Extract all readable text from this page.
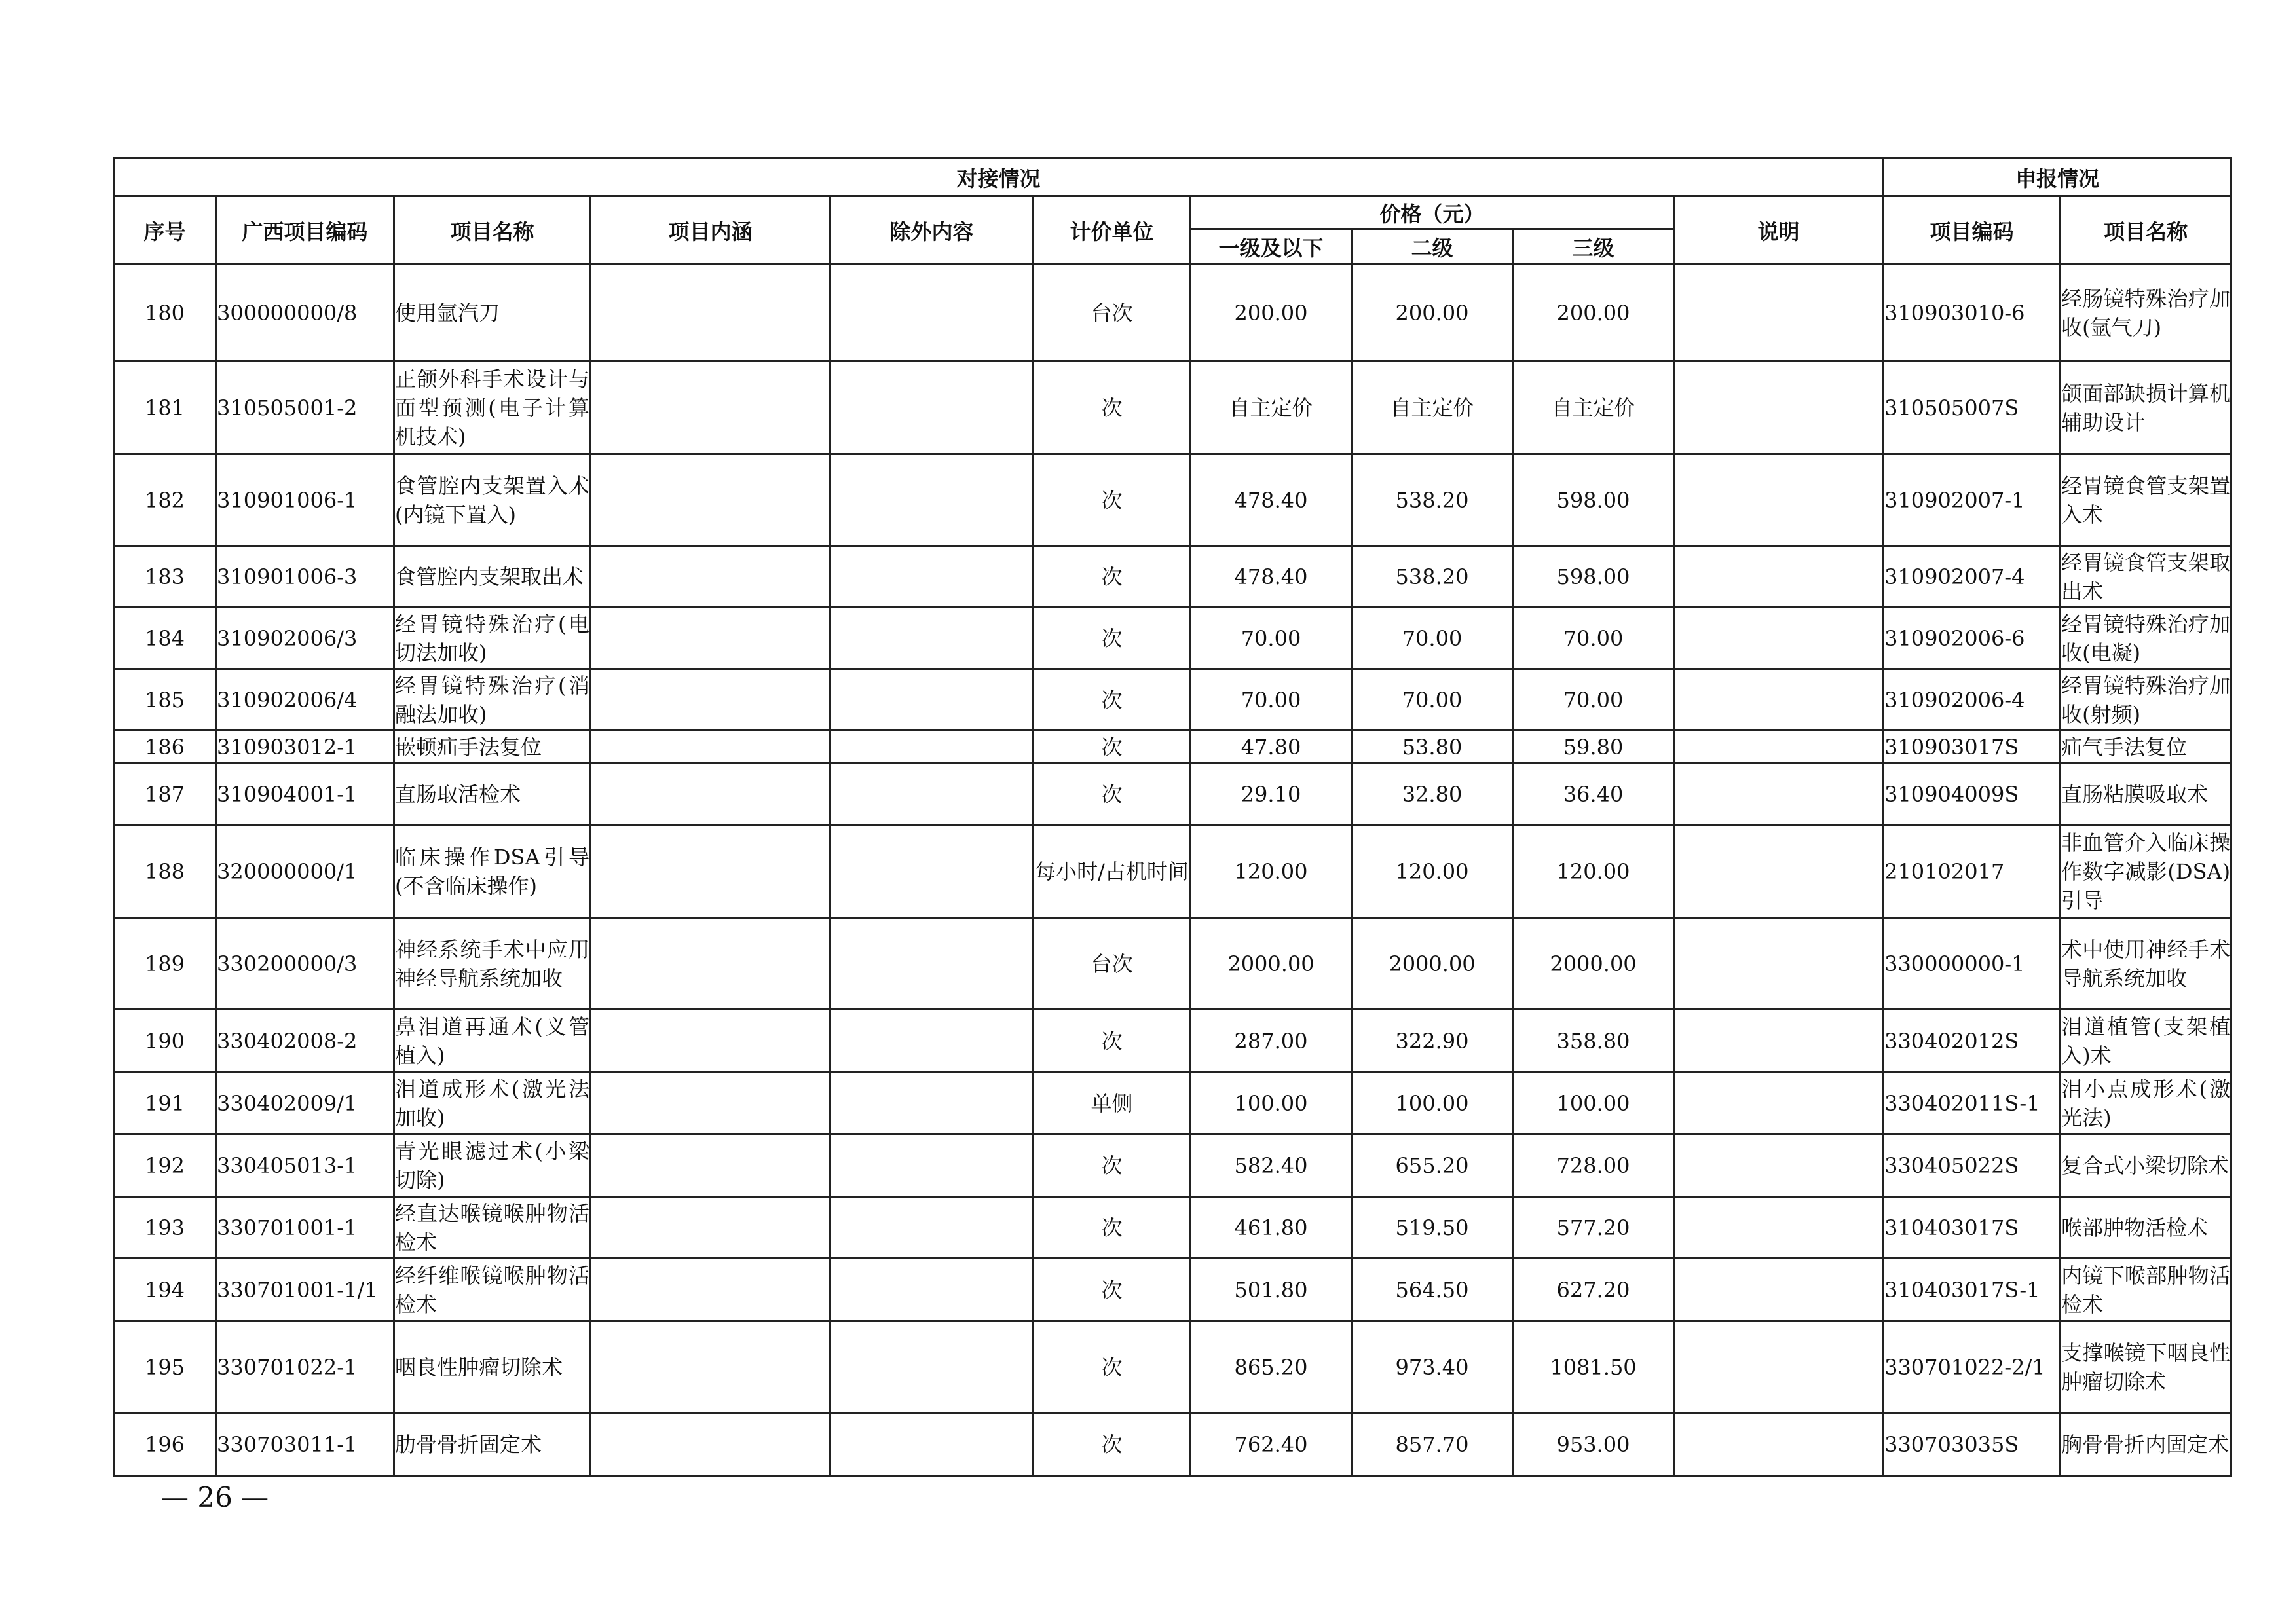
对接情况										申报情况	
序号	广西项目编码	项目名称	项目内涵	除外内容	计价单位	价格（元）			说明	项目编码	项目名称
						一级及以下	二级	三级			
180	300000000/8	使用氩汽刀			台次	200.00	200.00	200.00		310903010-6	经肠镜特殊治疗加收(氩气刀)
181	310505001-2	正颌外科手术设计与面型预测(电子计算机技术)			次	自主定价	自主定价	自主定价		310505007S	颌面部缺损计算机辅助设计
182	310901006-1	食管腔内支架置入术(内镜下置入)			次	478.40	538.20	598.00		310902007-1	经胃镜食管支架置入术
183	310901006-3	食管腔内支架取出术			次	478.40	538.20	598.00		310902007-4	经胃镜食管支架取出术
184	310902006/3	经胃镜特殊治疗(电切法加收)			次	70.00	70.00	70.00		310902006-6	经胃镜特殊治疗加收(电凝)
185	310902006/4	经胃镜特殊治疗(消融法加收)			次	70.00	70.00	70.00		310902006-4	经胃镜特殊治疗加收(射频)
186	310903012-1	嵌顿疝手法复位			次	47.80	53.80	59.80		310903017S	疝气手法复位
187	310904001-1	直肠取活检术			次	29.10	32.80	36.40		310904009S	直肠粘膜吸取术
188	320000000/1	临床操作DSA引导(不含临床操作)			每小时/占机时间	120.00	120.00	120.00		210102017	非血管介入临床操作数字减影(DSA)引导
189	330200000/3	神经系统手术中应用神经导航系统加收			台次	2000.00	2000.00	2000.00		330000000-1	术中使用神经手术导航系统加收
190	330402008-2	鼻泪道再通术(义管植入)			次	287.00	322.90	358.80		330402012S	泪道植管(支架植入)术
191	330402009/1	泪道成形术(激光法加收)			单侧	100.00	100.00	100.00		330402011S-1	泪小点成形术(激光法)
192	330405013-1	青光眼滤过术(小梁切除)			次	582.40	655.20	728.00		330405022S	复合式小梁切除术
193	330701001-1	经直达喉镜喉肿物活检术			次	461.80	519.50	577.20		310403017S	喉部肿物活检术
194	330701001-1/1	经纤维喉镜喉肿物活检术			次	501.80	564.50	627.20		310403017S-1	内镜下喉部肿物活检术
195	330701022-1	咽良性肿瘤切除术			次	865.20	973.40	1081.50		330701022-2/1	支撑喉镜下咽良性肿瘤切除术
196	330703011-1	肋骨骨折固定术			次	762.40	857.70	953.00		330703035S	胸骨骨折内固定术
— 26 —
